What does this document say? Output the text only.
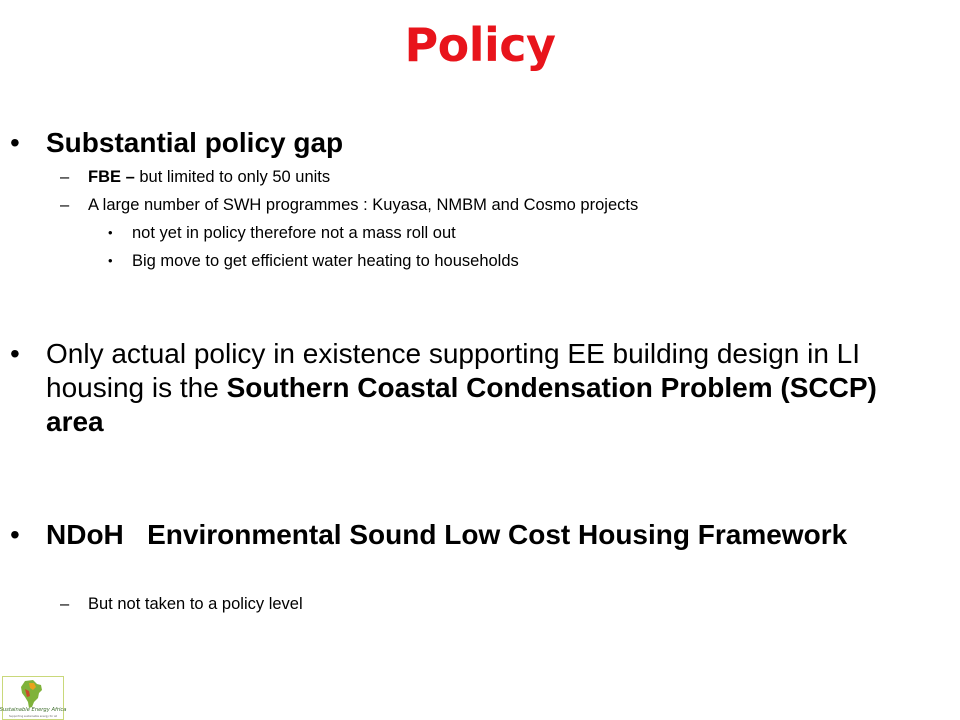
Policy
• Substantial policy gap
– FBE – but limited to only 50 units
– A large number of SWH programmes : Kuyasa, NMBM and Cosmo projects
• not yet in policy therefore not a mass roll out
• Big move to get efficient water heating to households
• Only actual policy in existence supporting EE building design in LI housing is the Southern Coastal Condensation Problem (SCCP) area
• NDoH   Environmental Sound Low Cost Housing Framework
– But not taken to a policy level
Sustainable Energy Africa
Supporting sustainable energy for all
